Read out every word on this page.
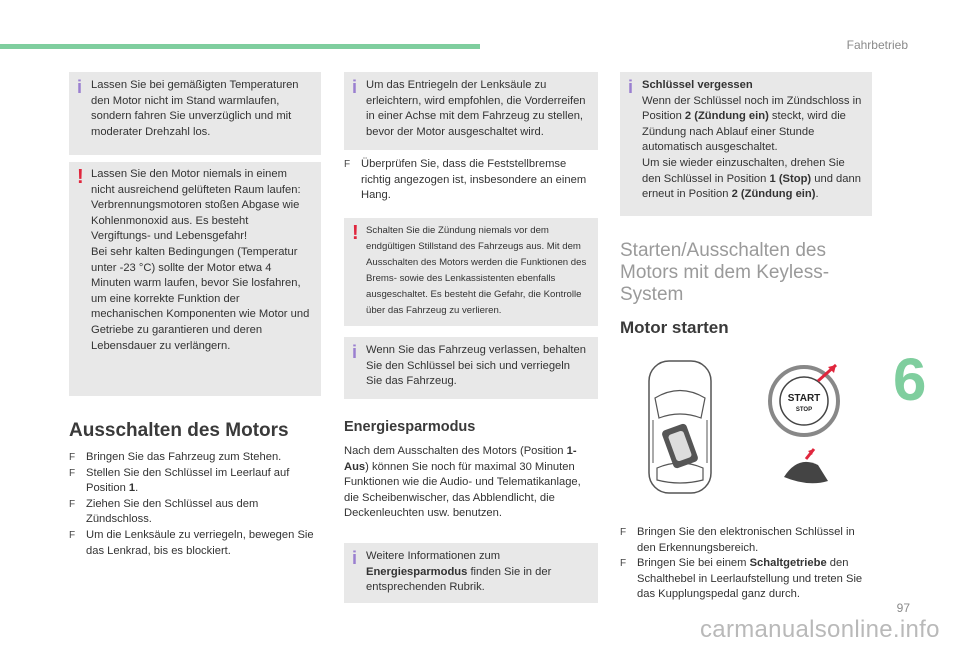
Fahrbetrieb
i Lassen Sie bei gemäßigten Temperaturen den Motor nicht im Stand warmlaufen, sondern fahren Sie unverzüglich und mit moderater Drehzahl los.
! Lassen Sie den Motor niemals in einem nicht ausreichend gelüfteten Raum laufen: Verbrennungsmotoren stoßen Abgase wie Kohlenmonoxid aus. Es besteht Vergiftungs- und Lebensgefahr!
Bei sehr kalten Bedingungen (Temperatur unter -23 °C) sollte der Motor etwa 4 Minuten warm laufen, bevor Sie losfahren, um eine korrekte Funktion der mechanischen Komponenten wie Motor und Getriebe zu garantieren und deren Lebensdauer zu verlängern.
Ausschalten des Motors
F Bringen Sie das Fahrzeug zum Stehen.
F Stellen Sie den Schlüssel im Leerlauf auf Position 1.
F Ziehen Sie den Schlüssel aus dem Zündschloss.
F Um die Lenksäule zu verriegeln, bewegen Sie das Lenkrad, bis es blockiert.
i Um das Entriegeln der Lenksäule zu erleichtern, wird empfohlen, die Vorderreifen in einer Achse mit dem Fahrzeug zu stellen, bevor der Motor ausgeschaltet wird.
F Überprüfen Sie, dass die Feststellbremse richtig angezogen ist, insbesondere an einem Hang.
! Schalten Sie die Zündung niemals vor dem endgültigen Stillstand des Fahrzeugs aus. Mit dem Ausschalten des Motors werden die Funktionen des Brems- sowie des Lenkassistenten ebenfalls ausgeschaltet. Es besteht die Gefahr, die Kontrolle über das Fahrzeug zu verlieren.
i Wenn Sie das Fahrzeug verlassen, behalten Sie den Schlüssel bei sich und verriegeln Sie das Fahrzeug.
Energiesparmodus
Nach dem Ausschalten des Motors (Position 1-Aus) können Sie noch für maximal 30 Minuten Funktionen wie die Audio- und Telematikanlage, die Scheibenwischer, das Abblendlicht, die Deckenleuchten usw. benutzen.
i Weitere Informationen zum Energiesparmodus finden Sie in der entsprechenden Rubrik.
i Schlüssel vergessen
Wenn der Schlüssel noch im Zündschloss in Position 2 (Zündung ein) steckt, wird die Zündung nach Ablauf einer Stunde automatisch ausgeschaltet.
Um sie wieder einzuschalten, drehen Sie den Schlüssel in Position 1 (Stop) und dann erneut in Position 2 (Zündung ein).
Starten/Ausschalten des
Motors mit dem Keyless-
System
Motor starten
START
STOP
F Bringen Sie den elektronischen Schlüssel in den Erkennungsbereich.
F Bringen Sie bei einem Schaltgetriebe den Schalthebel in Leerlaufstellung und treten Sie das Kupplungspedal ganz durch.
6
97
carmanualsonline.info
